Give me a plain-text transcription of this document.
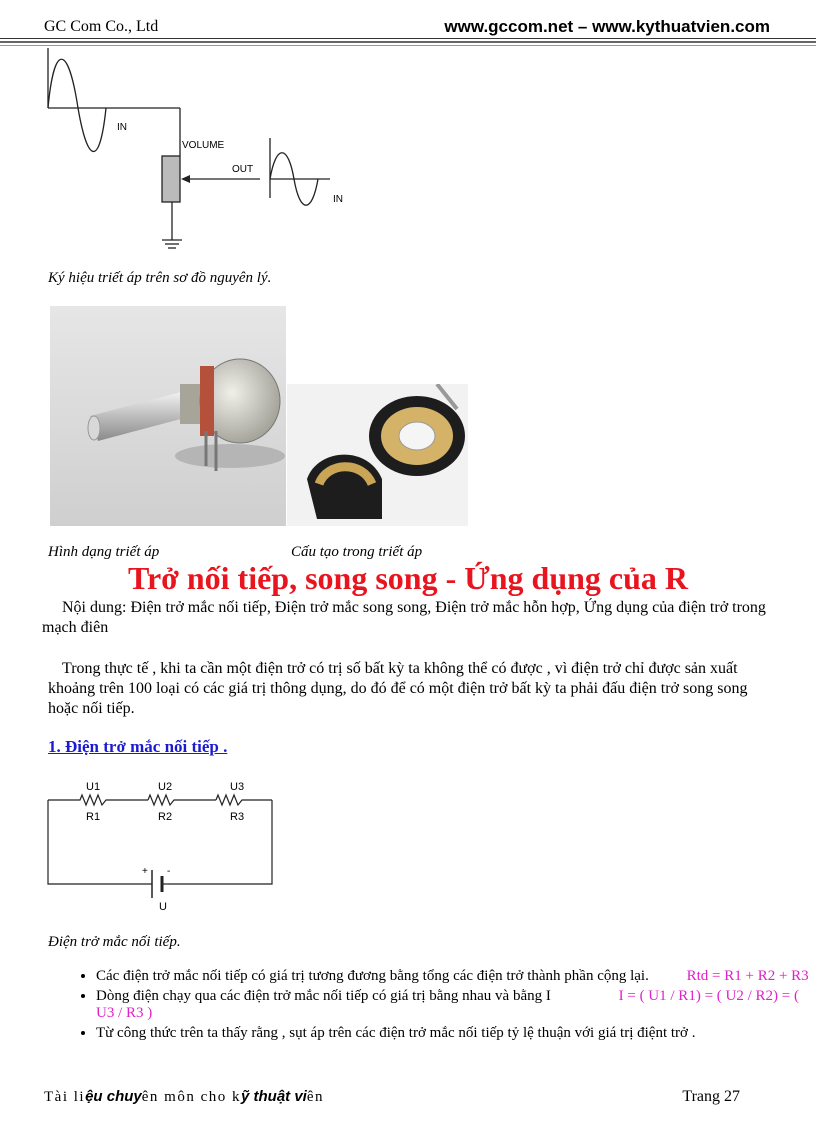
GC Com Co., Ltd	www.gccom.net – www.kythuatvien.com
IN
VOLUME
OUT
IN
Ký hiệu triết áp trên sơ đồ nguyên lý.
Hình dạng triết áp	Cấu tạo trong triết áp
Trở nối tiếp, song song - Ứng dụng của R
Nội dung: Điện trở mắc nối tiếp, Điện trở mắc song song, Điện trở mắc hỗn hợp, Ứng dụng của điện trở trong mạch điên
Trong thực tế , khi ta cần một điện trở có trị số bất kỳ ta không thể có được , vì điện trở chỉ được sản xuất khoảng trên 100 loại có các giá trị thông dụng, do đó để có một điện trở bất kỳ ta phải đấu điện trở song song hoặc nối tiếp.
1. Điện trở mắc nối tiếp .
U1	U2	U3
R1	R2	R3
+ -
U
Điện trở mắc nối tiếp.
• Các điện trở mắc nối tiếp có giá trị tương đương bằng tổng các điện trở thành phần cộng lại.	Rtd = R1 + R2 + R3
• Dòng điện chạy qua các điện trở mắc nối tiếp có giá trị bằng nhau và bằng I	I = ( U1 / R1) = ( U2 / R2) = ( U3 / R3 )
• Từ công thức trên ta thấy rằng , sụt áp trên các điện trở mắc nối tiếp tỷ lệ thuận với giá trị điệnt trở .
Tài liệu chuyên môn cho kỹ thuật viên	Trang 27
